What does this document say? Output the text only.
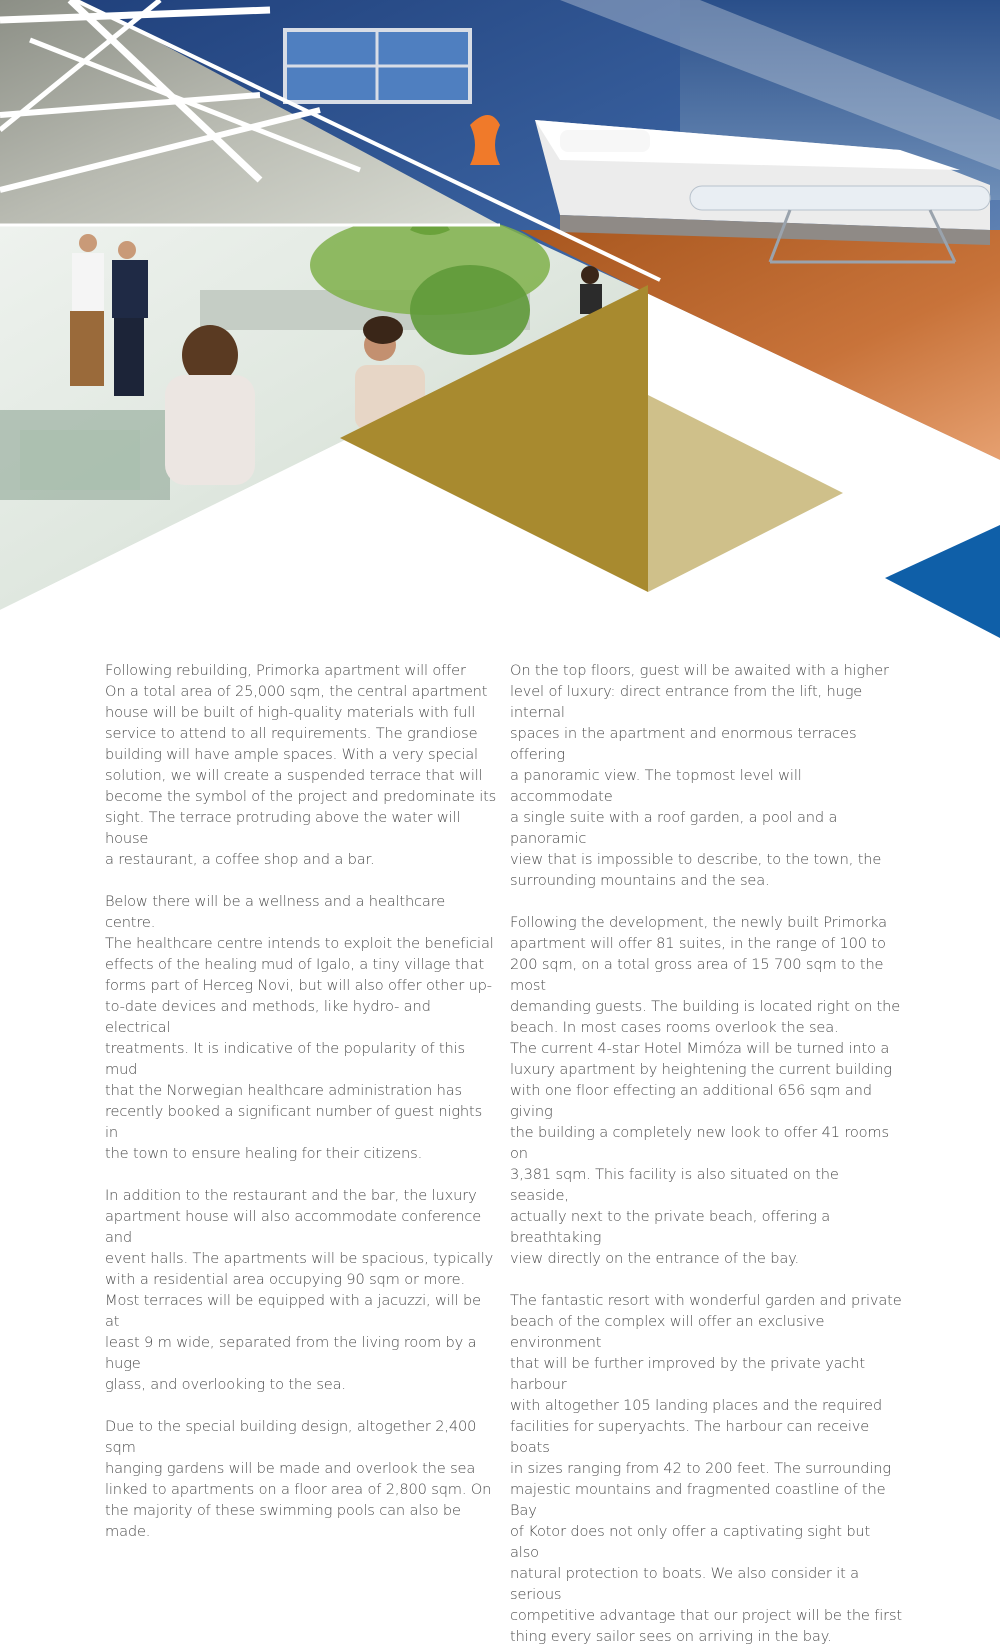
Following rebuilding, Primorka apartment will offer
On a total area of 25,000 sqm, the central apartment
house will be built of high-quality materials with full
service to attend to all requirements. The grandiose
building will have ample spaces. With a very special
solution, we will create a suspended terrace that will
become the symbol of the project and predominate its
sight. The terrace protruding above the water will house
a restaurant, a coffee shop and a bar.

Below there will be a wellness and a healthcare centre.
The healthcare centre intends to exploit the beneficial
effects of the healing mud of Igalo, a tiny village that
forms part of Herceg Novi, but will also offer other up-
to-date devices and methods, like hydro- and electrical
treatments. It is indicative of the popularity of this mud
that the Norwegian healthcare administration has
recently booked a significant number of guest nights in
the town to ensure healing for their citizens.

In addition to the restaurant and the bar, the luxury
apartment house will also accommodate conference and
event halls. The apartments will be spacious, typically
with a residential area occupying 90 sqm or more.
Most terraces will be equipped with a jacuzzi, will be at
least 9 m wide, separated from the living room by a huge
glass, and overlooking to the sea.

Due to the special building design, altogether 2,400 sqm
hanging gardens will be made and overlook the sea
linked to apartments on a floor area of 2,800 sqm. On
the majority of these swimming pools can also be made.

On the top floors, guest will be awaited with a higher
level of luxury: direct entrance from the lift, huge internal
spaces in the apartment and enormous terraces offering
a panoramic view. The topmost level will accommodate
a single suite with a roof garden, a pool and a panoramic
view that is impossible to describe, to the town, the
surrounding mountains and the sea.

Following the development, the newly built Primorka
apartment will offer 81 suites, in the range of 100 to
200 sqm, on a total gross area of 15 700 sqm to the most
demanding guests. The building is located right on the
beach. In most cases rooms overlook the sea.
The current 4-star Hotel Mimóza will be turned into a
luxury apartment by heightening the current building
with one floor effecting an additional 656 sqm and giving
the building a completely new look to offer 41 rooms on
3,381 sqm. This facility is also situated on the seaside,
actually next to the private beach, offering a breathtaking
view directly on the entrance of the bay.

The fantastic resort with wonderful garden and private
beach of the complex will offer an exclusive environment
that will be further improved by the private yacht harbour
with altogether 105 landing places and the required
facilities for superyachts. The harbour can receive boats
in sizes ranging from 42 to 200 feet. The surrounding
majestic mountains and fragmented coastline of the Bay
of Kotor does not only offer a captivating sight but also
natural protection to boats. We also consider it a serious
competitive advantage that our project will be the first
thing every sailor sees on arriving in the bay.
